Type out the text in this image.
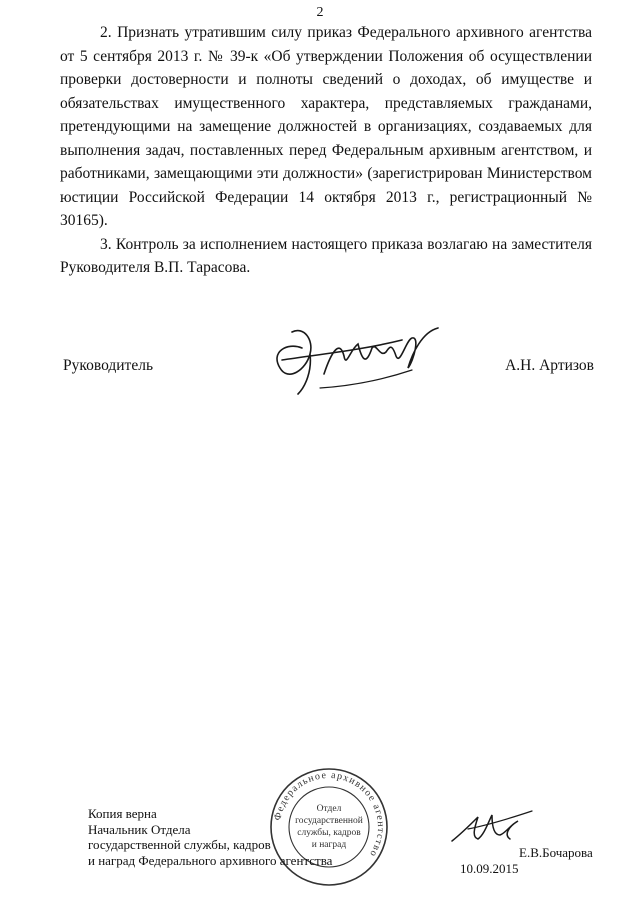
2

2. Признать утратившим силу приказ Федерального архивного агентства от 5 сентября 2013 г. № 39-к «Об утверждении Положения об осуществлении проверки достоверности и полноты сведений о доходах, об имуществе и обязательствах имущественного характера, представляемых гражданами, претендующими на замещение должностей в организациях, создаваемых для выполнения задач, поставленных перед Федеральным архивным агентством, и работниками, замещающими эти должности» (зарегистрирован Министерством юстиции Российской Федерации 14 октября 2013 г., регистрационный № 30165).

3. Контроль за исполнением настоящего приказа возлагаю на заместителя Руководителя В.П. Тарасова.

Руководитель	А.Н. Артизов
Федеральное архивное агентство
Отдел
государственной
службы, кадров
и наград
Копия верна
Начальник Отдела
государственной службы, кадров
и наград Федерального архивного агентства
10.09.2015
Е.В.Бочарова
